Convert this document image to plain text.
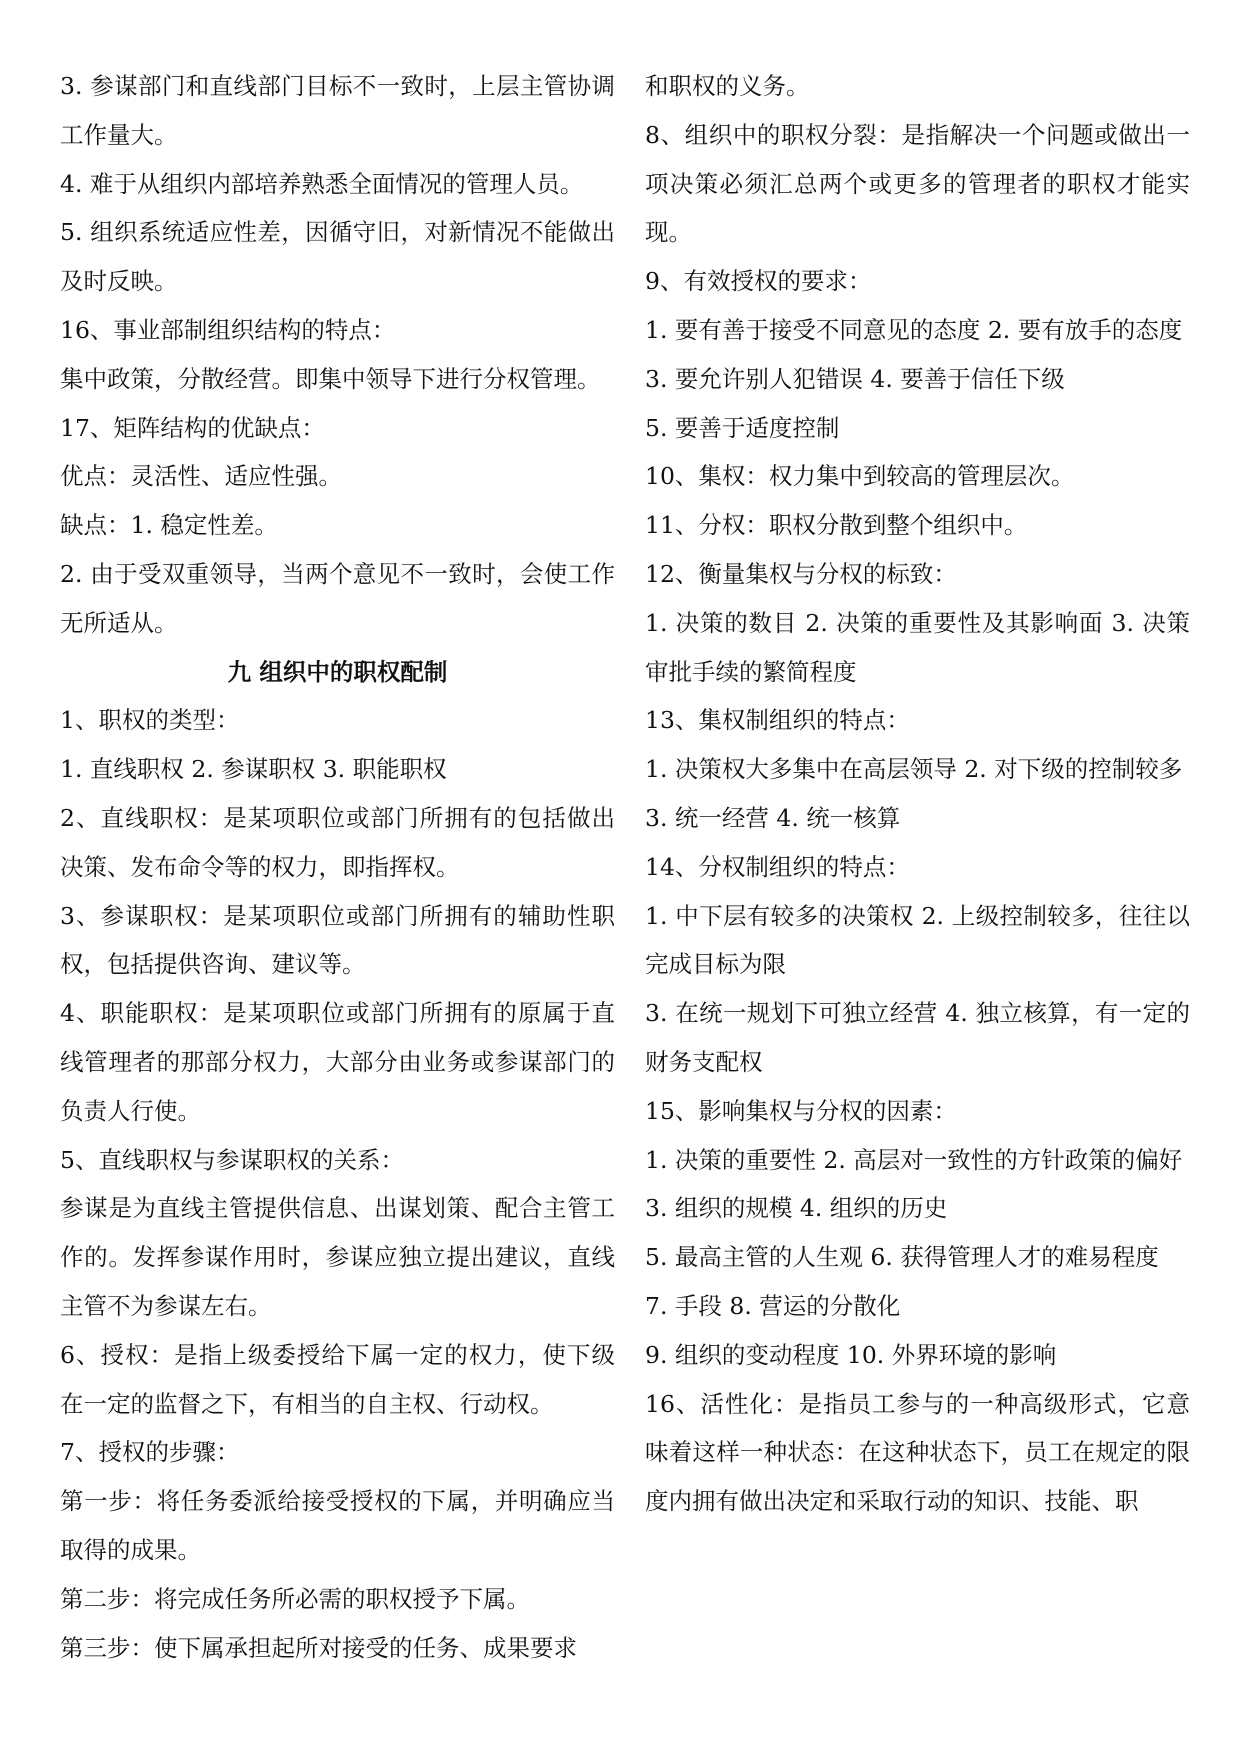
3. 参谋部门和直线部门目标不一致时，上层主管协调工作量大。

4. 难于从组织内部培养熟悉全面情况的管理人员。

5. 组织系统适应性差，因循守旧，对新情况不能做出及时反映。

16、事业部制组织结构的特点：

集中政策，分散经营。即集中领导下进行分权管理。

17、矩阵结构的优缺点：

优点：灵活性、适应性强。

缺点：1. 稳定性差。

2. 由于受双重领导，当两个意见不一致时，会使工作无所适从。

九 组织中的职权配制

1、职权的类型：

1. 直线职权 2. 参谋职权 3. 职能职权

2、直线职权：是某项职位或部门所拥有的包括做出决策、发布命令等的权力，即指挥权。

3、参谋职权：是某项职位或部门所拥有的辅助性职权，包括提供咨询、建议等。

4、职能职权：是某项职位或部门所拥有的原属于直线管理者的那部分权力，大部分由业务或参谋部门的负责人行使。

5、直线职权与参谋职权的关系：

参谋是为直线主管提供信息、出谋划策、配合主管工作的。发挥参谋作用时，参谋应独立提出建议，直线主管不为参谋左右。

6、授权：是指上级委授给下属一定的权力，使下级在一定的监督之下，有相当的自主权、行动权。

7、授权的步骤：

第一步：将任务委派给接受授权的下属，并明确应当取得的成果。

第二步：将完成任务所必需的职权授予下属。

第三步：使下属承担起所对接受的任务、成果要求

和职权的义务。

8、组织中的职权分裂：是指解决一个问题或做出一项决策必须汇总两个或更多的管理者的职权才能实现。

9、有效授权的要求：

1. 要有善于接受不同意见的态度 2. 要有放手的态度

3. 要允许别人犯错误 4. 要善于信任下级

5. 要善于适度控制

10、集权：权力集中到较高的管理层次。

11、分权：职权分散到整个组织中。

12、衡量集权与分权的标致：

1. 决策的数目 2. 决策的重要性及其影响面 3. 决策审批手续的繁简程度

13、集权制组织的特点：

1. 决策权大多集中在高层领导 2. 对下级的控制较多

3. 统一经营 4. 统一核算

14、分权制组织的特点：

1. 中下层有较多的决策权 2. 上级控制较多，往往以完成目标为限

3. 在统一规划下可独立经营 4. 独立核算，有一定的财务支配权

15、影响集权与分权的因素：

1. 决策的重要性 2. 高层对一致性的方针政策的偏好

3. 组织的规模 4. 组织的历史

5. 最高主管的人生观 6. 获得管理人才的难易程度

7. 手段 8. 营运的分散化

9. 组织的变动程度 10. 外界环境的影响

16、活性化：是指员工参与的一种高级形式，它意味着这样一种状态：在这种状态下，员工在规定的限度内拥有做出决定和采取行动的知识、技能、职
